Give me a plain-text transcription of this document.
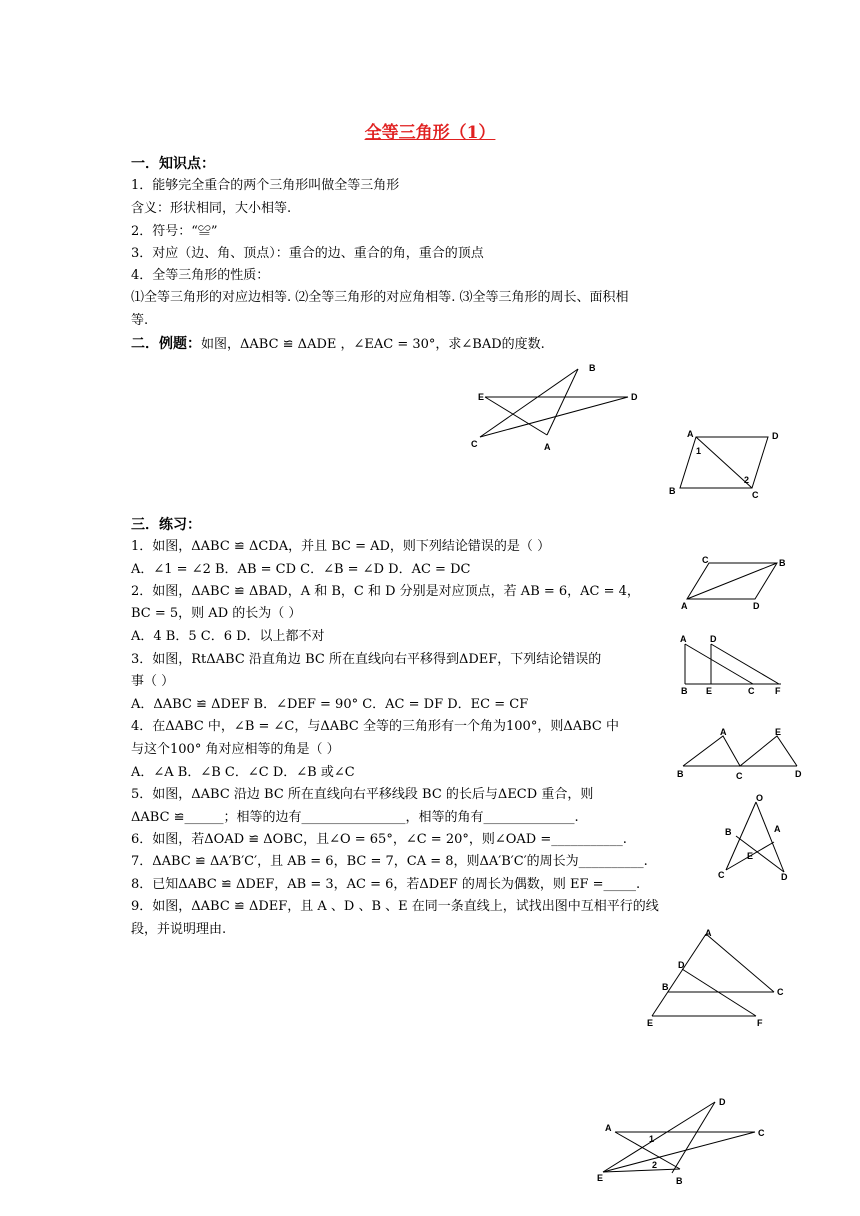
全等三角形（1）
一．知识点：
1．能够完全重合的两个三角形叫做全等三角形
含义：形状相同，大小相等.
2．符号：“≌”
3．对应（边、角、顶点）：重合的边、重合的角，重合的顶点
4．全等三角形的性质：
⑴全等三角形的对应边相等. ⑵全等三角形的对应角相等. ⑶全等三角形的周长、面积相
等.
二．例题：如图，ΔABC ≌ ΔADE ，∠EAC = 30°，求∠BAD的度数.
B
E	D
C	A
A	D
B	C
1
2
三．练习：
1．如图，ΔABC ≌ ΔCDA，并且 BC = AD，则下列结论错误的是（ ）
A．∠1 = ∠2 B．AB = CD C．∠B = ∠D D．AC = DC
2．如图，ΔABC ≌ ΔBAD，A 和 B，C 和 D 分别是对应顶点，若 AB = 6，AC = 4，
BC = 5，则 AD 的长为（ ）
A．4 B．5 C．6 D．以上都不对
3．如图，RtΔABC 沿直角边 BC 所在直线向右平移得到ΔDEF，下列结论错误的
事（ ）
A．ΔABC ≌ ΔDEF B．∠DEF = 90° C．AC = DF D．EC = CF
4．在ΔABC 中，∠B = ∠C，与ΔABC 全等的三角形有一个角为100°，则ΔABC 中
与这个100° 角对应相等的角是（ ）
A．∠A B．∠B C．∠C D．∠B 或∠C
5．如图，ΔABC 沿边 BC 所在直线向右平移线段 BC 的长后与ΔECD 重合，则
ΔABC ≌______；相等的边有________________，相等的角有______________.
6．如图，若ΔOAD ≌ ΔOBC，且∠O = 65°，∠C = 20°，则∠OAD =___________.
7．ΔABC ≌ ΔA′B′C′，且 AB = 6，BC = 7，CA = 8，则ΔA′B′C′的周长为__________.
8．已知ΔABC ≌ ΔDEF，AB = 3，AC = 6，若ΔDEF 的周长为偶数，则 EF =_____.
9．如图，ΔABC ≌ ΔDEF，且 A 、D 、B 、E 在同一条直线上，试找出图中互相平行的线
段，并说明理由.
C	B
A	D
A	D
B E	C F
A	E
B	C	D
O
B	A
E
C	D
A
D
B	C
E	F
D
A	C
1
2
E	B
